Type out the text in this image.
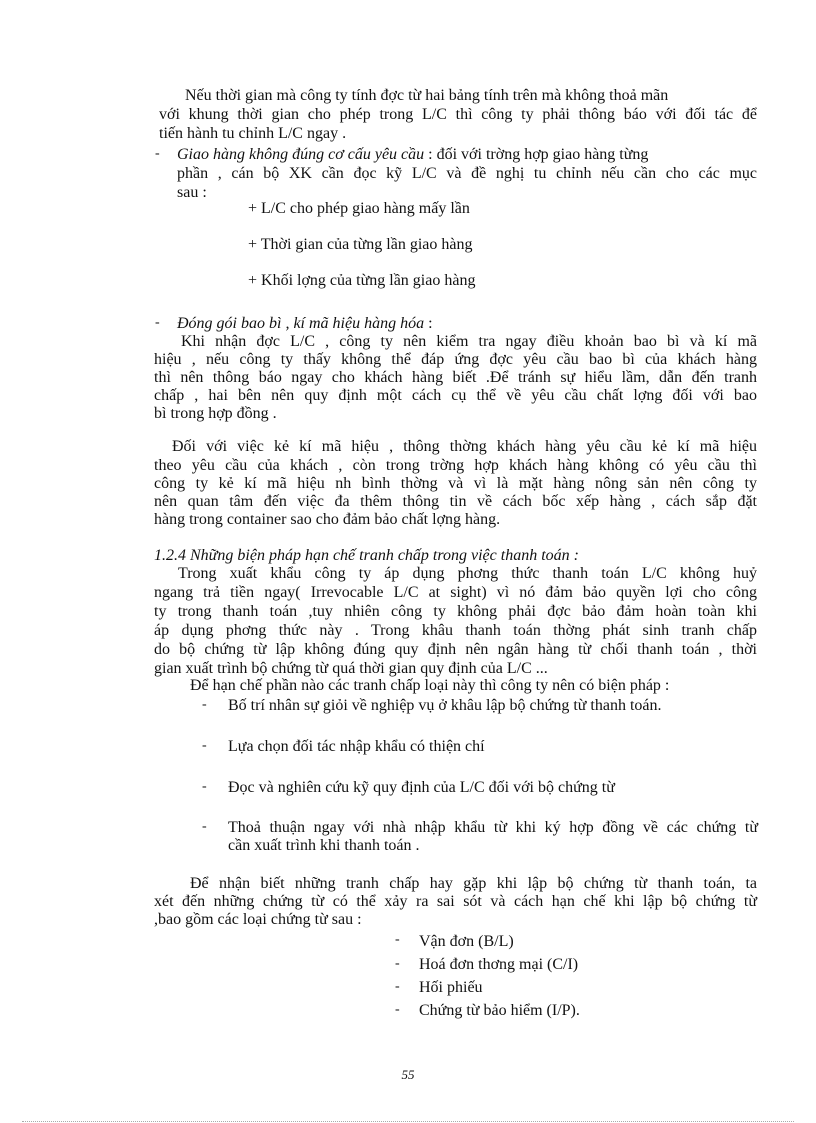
Nếu thời gian mà công ty tính đợc từ hai bảng tính trên mà không thoả mãn
với khung thời gian cho phép trong L/C thì công ty phải thông báo với đối tác để
tiến hành tu chỉnh L/C ngay .
- Giao hàng không đúng cơ cấu yêu cầu : đối với trờng hợp giao hàng từng
phần , cán bộ XK cần đọc kỹ L/C và đề nghị tu chỉnh nếu cần cho các mục
sau :
+ L/C cho phép giao hàng mấy lần
+ Thời gian của từng lần giao hàng
+ Khối lợng của từng lần giao hàng
- Đóng gói bao bì , kí mã hiệu hàng hóa :
Khi nhận đợc L/C , công ty nên kiểm tra ngay điều khoản bao bì và kí mã
hiệu , nếu công ty thấy không thể đáp ứng đợc yêu cầu bao bì của khách hàng
thì nên thông báo ngay cho khách hàng biết .Để tránh sự hiểu lầm, dẫn đến tranh
chấp , hai bên nên quy định một cách cụ thể về yêu cầu chất lợng đối với bao
bì trong hợp đồng .
Đối với việc kẻ kí mã hiệu , thông thờng khách hàng yêu cầu kẻ kí mã hiệu
theo yêu cầu của khách , còn trong trờng hợp khách hàng không có yêu cầu thì
công ty kẻ kí mã hiệu nh bình thờng và vì là mặt hàng nông sản nên công ty
nên quan tâm đến việc đa thêm thông tin về cách bốc xếp hàng , cách sắp đặt
hàng trong container sao cho đảm bảo chất lợng hàng.
1.2.4 Những biện pháp hạn chế tranh chấp trong việc thanh toán :
Trong xuất khẩu công ty áp dụng phơng thức thanh toán L/C không huỷ
ngang trả tiền ngay( Irrevocable L/C at sight) vì nó đảm bảo quyền lợi cho công
ty trong thanh toán ,tuy nhiên công ty không phải đợc bảo đảm hoàn toàn khi
áp dụng phơng thức này . Trong khâu thanh toán thờng phát sinh tranh chấp
do bộ chứng từ lập không đúng quy định nên ngân hàng từ chối thanh toán , thời
gian xuất trình bộ chứng từ quá thời gian quy định của L/C ...
Để hạn chế phần nào các tranh chấp loại này thì công ty nên có biện pháp :
- Bố trí nhân sự giỏi về nghiệp vụ ở khâu lập bộ chứng từ thanh toán.
- Lựa chọn đối tác nhập khẩu có thiện chí
- Đọc và nghiên cứu kỹ quy định của L/C đối với bộ chứng từ
- Thoả thuận ngay với nhà nhập khẩu từ khi ký hợp đồng về các chứng từ
cần xuất trình khi thanh toán .
Để nhận biết những tranh chấp hay gặp khi lập bộ chứng từ thanh toán, ta
xét đến những chứng từ có thể xảy ra sai sót và cách hạn chế khi lập bộ chứng từ
,bao gồm các loại chứng từ sau :
- Vận đơn (B/L)
- Hoá đơn thơng mại (C/I)
- Hối phiếu
- Chứng từ bảo hiểm (I/P).
55
